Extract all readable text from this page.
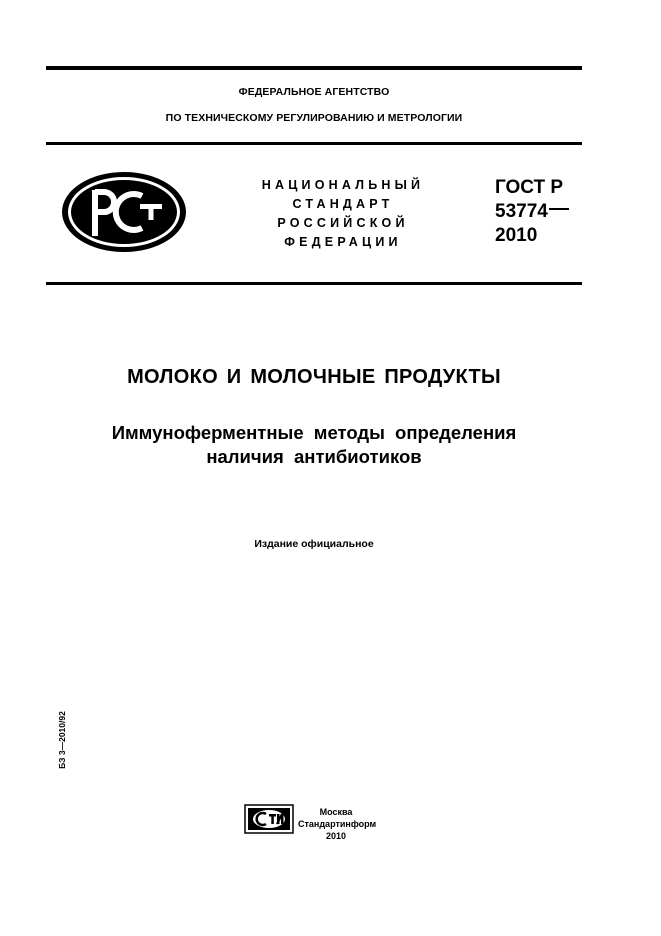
ФЕДЕРАЛЬНОЕ АГЕНТСТВО
ПО ТЕХНИЧЕСКОМУ РЕГУЛИРОВАНИЮ И МЕТРОЛОГИИ
НАЦИОНАЛЬНЫЙ
СТАНДАРТ
РОССИЙСКОЙ
ФЕДЕРАЦИИ
ГОСТ Р
53774
2010
МОЛОКО И МОЛОЧНЫЕ ПРОДУКТЫ
Иммуноферментные методы определения
наличия антибиотиков
Издание официальное
БЗ 3—2010/92
Москва
Стандартинформ
2010
